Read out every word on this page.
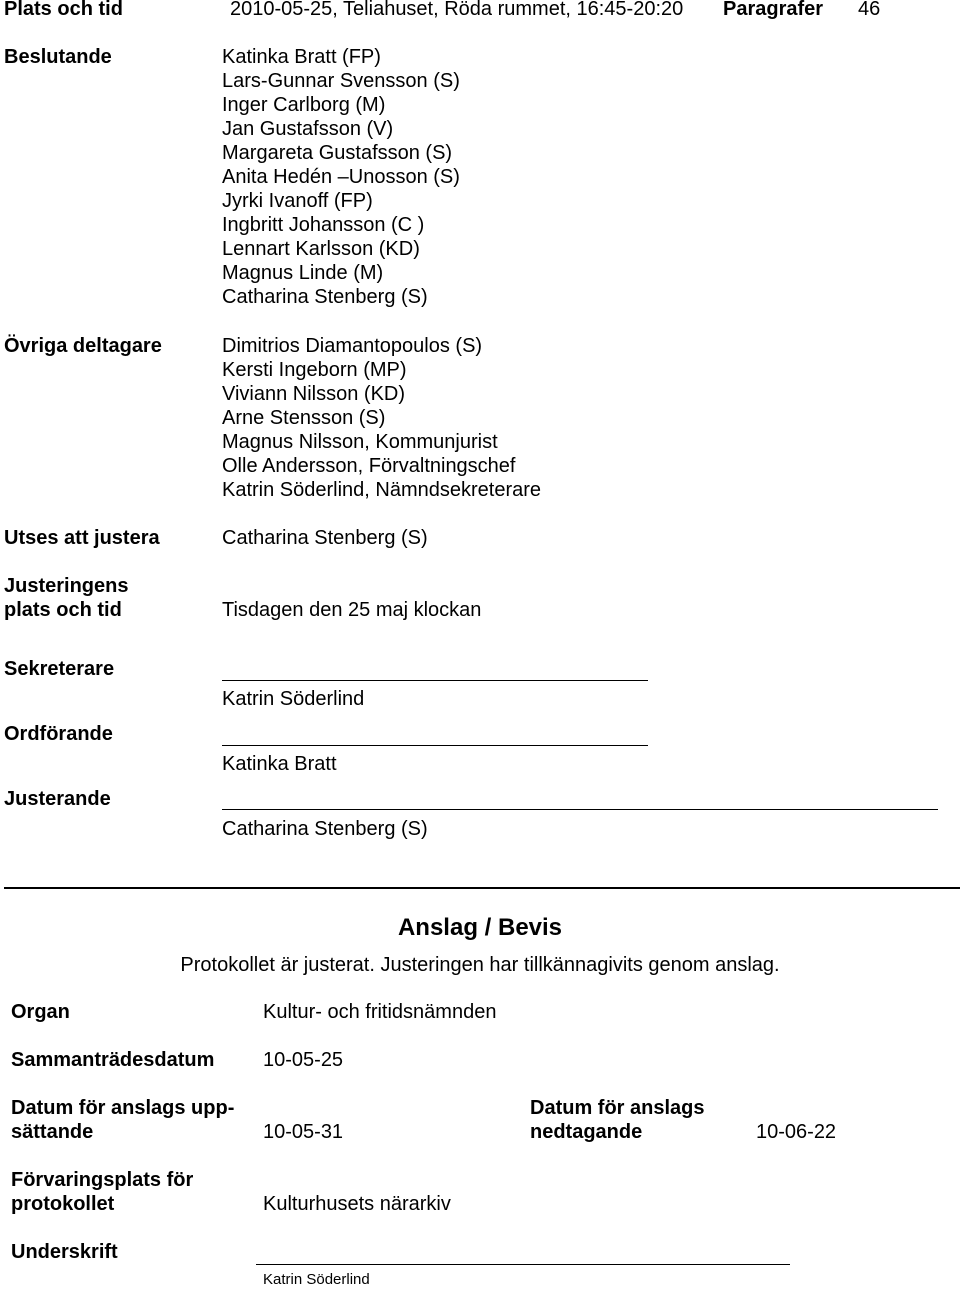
Plats och tid	2010-05-25, Teliahuset, Röda rummet, 16:45-20:20 Paragrafer 46
Beslutande	Katinka Bratt (FP)
Lars-Gunnar Svensson (S)
Inger Carlborg (M)
Jan Gustafsson (V)
Margareta Gustafsson (S)
Anita Hedén –Unosson (S)
Jyrki Ivanoff (FP)
Ingbritt Johansson (C )
Lennart Karlsson (KD)
Magnus Linde (M)
Catharina Stenberg (S)
Övriga deltagare	Dimitrios Diamantopoulos (S)
Kersti Ingeborn (MP)
Viviann Nilsson (KD)
Arne Stensson (S)
Magnus Nilsson, Kommunjurist
Olle Andersson, Förvaltningschef
Katrin Söderlind, Nämndsekreterare
Utses att justera	Catharina Stenberg (S)
Justeringens
plats och tid	Tisdagen den 25 maj klockan
Sekreterare
Katrin Söderlind
Ordförande
Katinka Bratt
Justerande
Catharina Stenberg (S)
Anslag / Bevis
Protokollet är justerat. Justeringen har tillkännagivits genom anslag.
Organ	Kultur- och fritidsnämnden
Sammanträdesdatum 10-05-25
Datum för anslags upp-
sättande	10-05-31
Datum för anslags
nedtagande	10-06-22
Förvaringsplats för
protokollet	Kulturhusets närarkiv
Underskrift
Katrin Söderlind
